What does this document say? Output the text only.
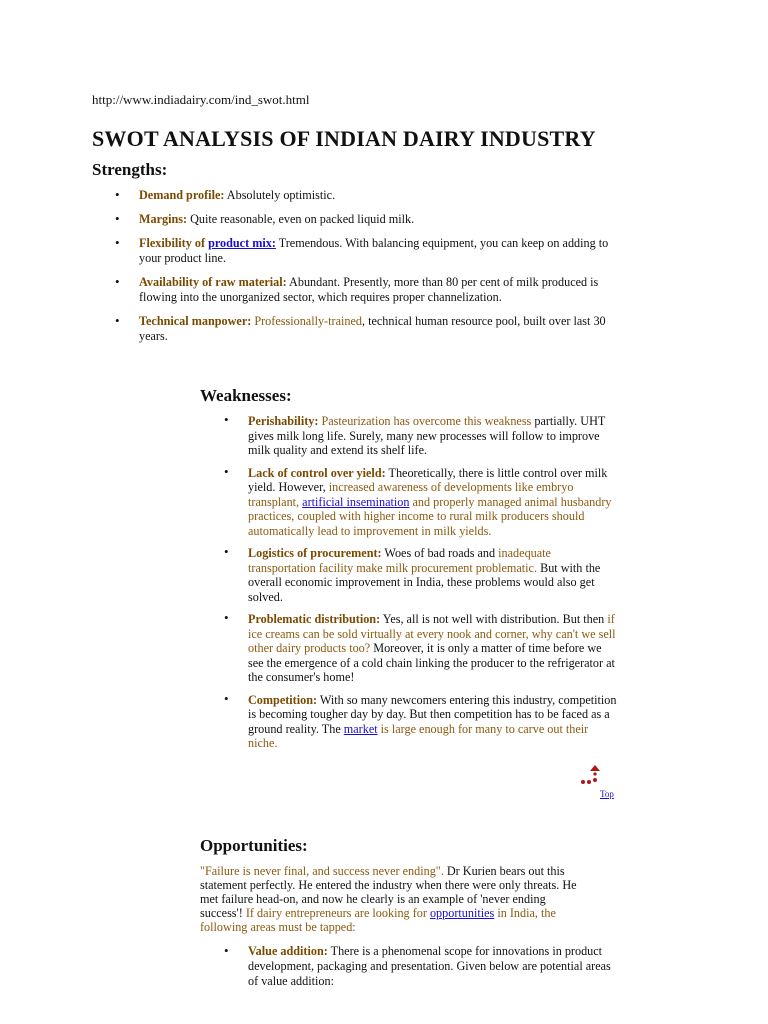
http://www.indiadairy.com/ind_swot.html
SWOT ANALYSIS OF INDIAN DAIRY INDUSTRY
Strengths:
• Demand profile: Absolutely optimistic.
• Margins: Quite reasonable, even on packed liquid milk.
• Flexibility of product mix: Tremendous. With balancing equipment, you can keep on adding to your product line.
• Availability of raw material: Abundant. Presently, more than 80 per cent of milk produced is flowing into the unorganized sector, which requires proper channelization.
• Technical manpower: Professionally-trained, technical human resource pool, built over last 30 years.
Weaknesses:
• Perishability: Pasteurization has overcome this weakness partially. UHT gives milk long life. Surely, many new processes will follow to improve milk quality and extend its shelf life.
• Lack of control over yield: Theoretically, there is little control over milk yield. However, increased awareness of developments like embryo transplant, artificial insemination and properly managed animal husbandry practices, coupled with higher income to rural milk producers should automatically lead to improvement in milk yields.
• Logistics of procurement: Woes of bad roads and inadequate transportation facility make milk procurement problematic. But with the overall economic improvement in India, these problems would also get solved.
• Problematic distribution: Yes, all is not well with distribution. But then if ice creams can be sold virtually at every nook and corner, why can't we sell other dairy products too? Moreover, it is only a matter of time before we see the emergence of a cold chain linking the producer to the refrigerator at the consumer's home!
• Competition: With so many newcomers entering this industry, competition is becoming tougher day by day. But then competition has to be faced as a ground reality. The market is large enough for many to carve out their niche.
Top
Opportunities:

"Failure is never final, and success never ending". Dr Kurien bears out this statement perfectly. He entered the industry when there were only threats. He met failure head-on, and now he clearly is an example of 'never ending success'! If dairy entrepreneurs are looking for opportunities in India, the following areas must be tapped:

• Value addition: There is a phenomenal scope for innovations in product development, packaging and presentation. Given below are potential areas of value addition:
